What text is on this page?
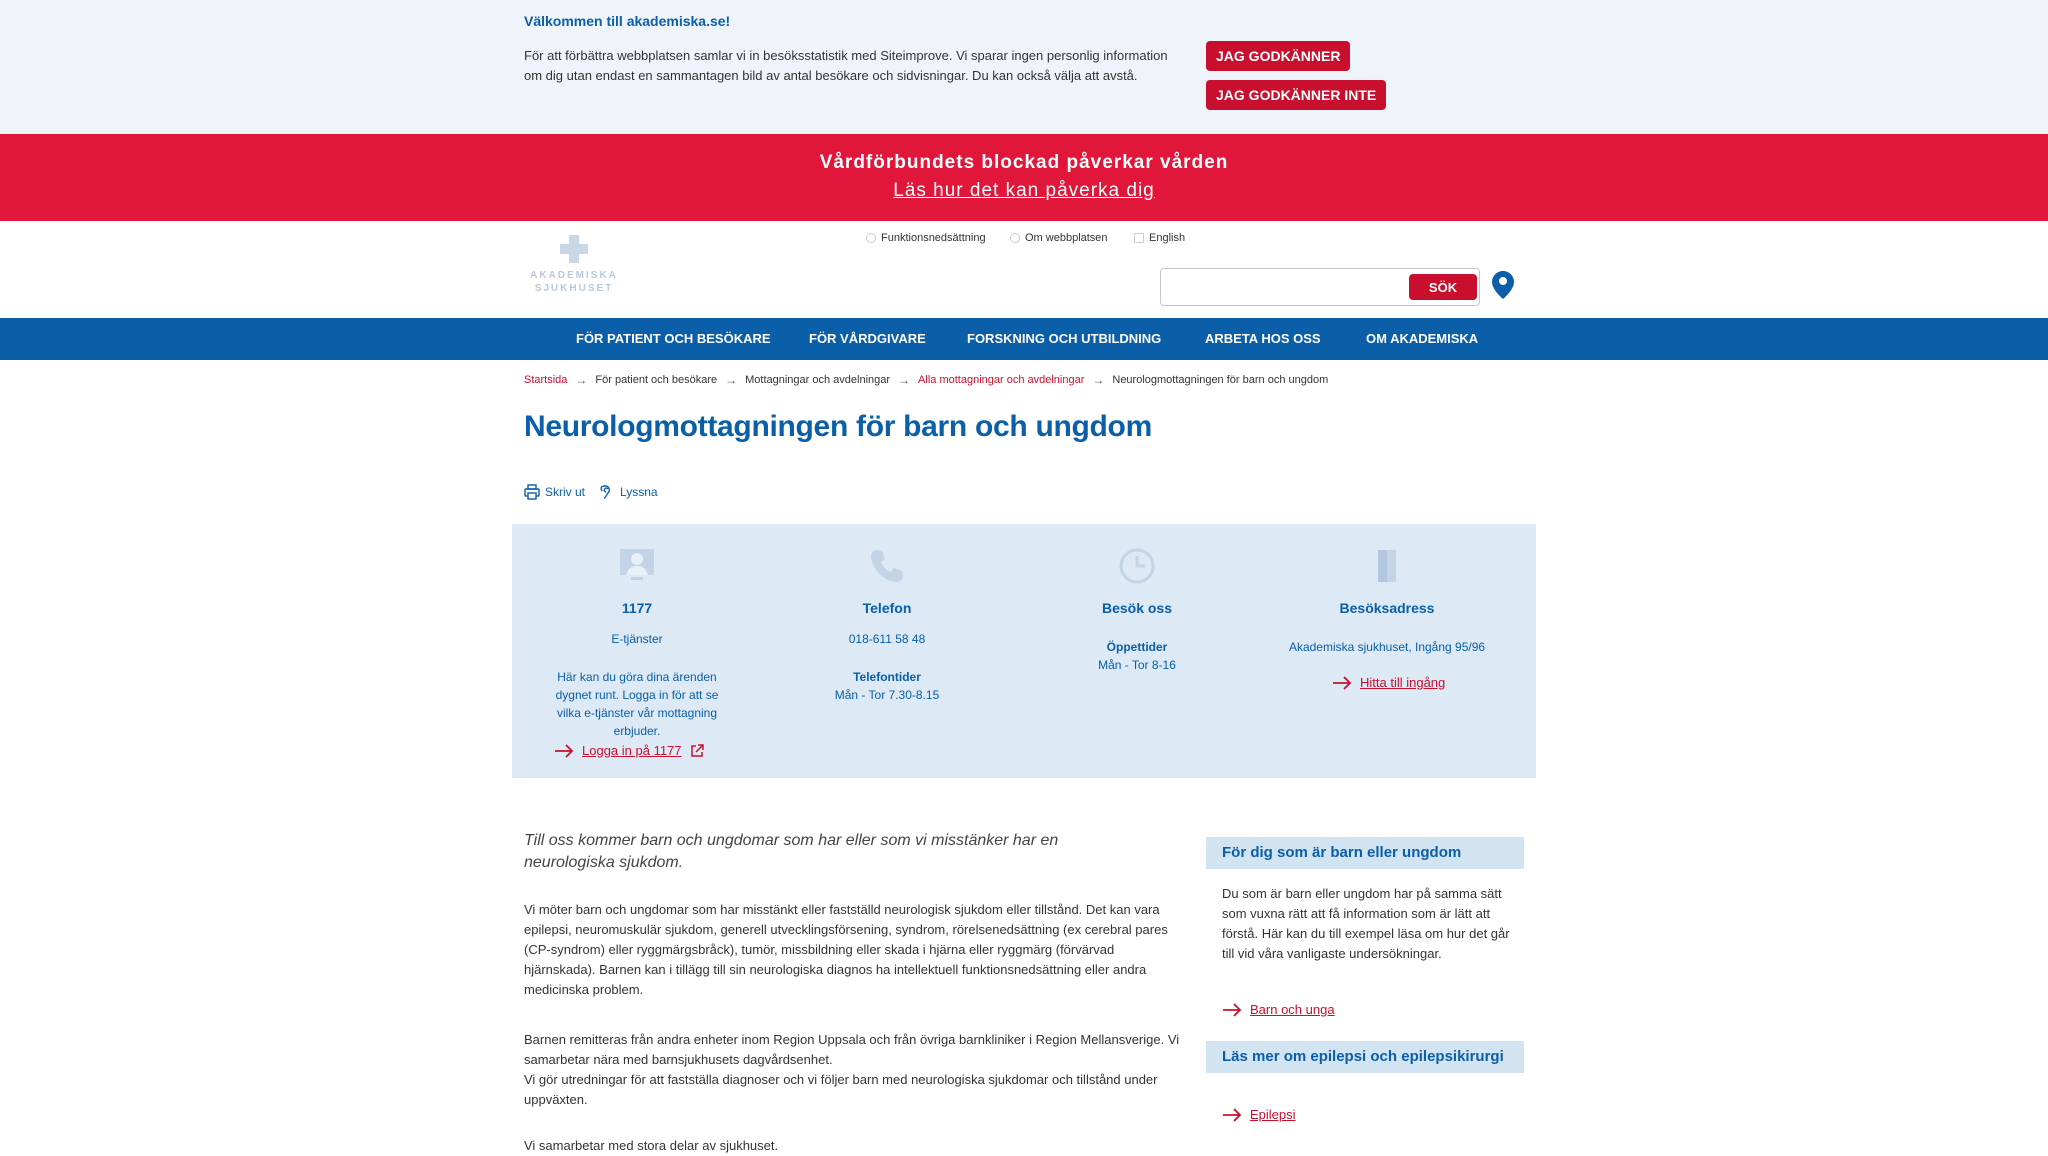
Välkommen till akademiska.se!

För att förbättra webbplatsen samlar vi in besöksstatistik med Siteimprove. Vi sparar ingen personlig information om dig utan endast en sammantagen bild av antal besökare och sidvisningar. Du kan också välja att avstå.

JAG GODKÄNNER
JAG GODKÄNNER INTE
Vårdförbundets blockad påverkar vården
Läs hur det kan påverka dig
AKADEMISKA
SJUKHUSET
Funktionsnedsättning	Om webbplatsen	English
SÖK
FÖR PATIENT OCH BESÖKARE	FÖR VÅRDGIVARE	FORSKNING OCH UTBILDNING	ARBETA HOS OSS	OM AKADEMISKA
Startsida → För patient och besökare → Mottagningar och avdelningar → Alla mottagningar och avdelningar → Neurologmottagningen för barn och ungdom
Neurologmottagningen för barn och ungdom
Skriv ut	Lyssna
1177
E-tjänster
Här kan du göra dina ärenden dygnet runt. Logga in för att se vilka e-tjänster vår mottagning erbjuder.
Logga in på 1177
Telefon
018-611 58 48
Telefontider
Mån - Tor 7.30-8.15
Besök oss
Öppettider
Mån - Tor 8-16
Besöksadress
Akademiska sjukhuset, Ingång 95/96
Hitta till ingång

Till oss kommer barn och ungdomar som har eller som vi misstänker har en neurologiska sjukdom.

Vi möter barn och ungdomar som har misstänkt eller fastställd neurologisk sjukdom eller tillstånd. Det kan vara epilepsi, neuromuskulär sjukdom, generell utvecklingsförsening, syndrom, rörelsenedsättning (ex cerebral pares (CP-syndrom) eller ryggmärgsbråck), tumör, missbildning eller skada i hjärna eller ryggmärg (förvärvad hjärnskada). Barnen kan i tillägg till sin neurologiska diagnos ha intellektuell funktionsnedsättning eller andra medicinska problem.

Barnen remitteras från andra enheter inom Region Uppsala och från övriga barnkliniker i Region Mellansverige. Vi samarbetar nära med barnsjukhusets dagvårdsenhet.

Vi gör utredningar för att fastställa diagnoser och vi följer barn med neurologiska sjukdomar och tillstånd under uppväxten.

Vi samarbetar med stora delar av sjukhuset.

För dig som är barn eller ungdom

Du som är barn eller ungdom har på samma sätt som vuxna rätt att få information som är lätt att förstå. Här kan du till exempel läsa om hur det går till vid våra vanligaste undersökningar.

Barn och unga
Läs mer om epilepsi och epilepsikirurgi
Epilepsi
